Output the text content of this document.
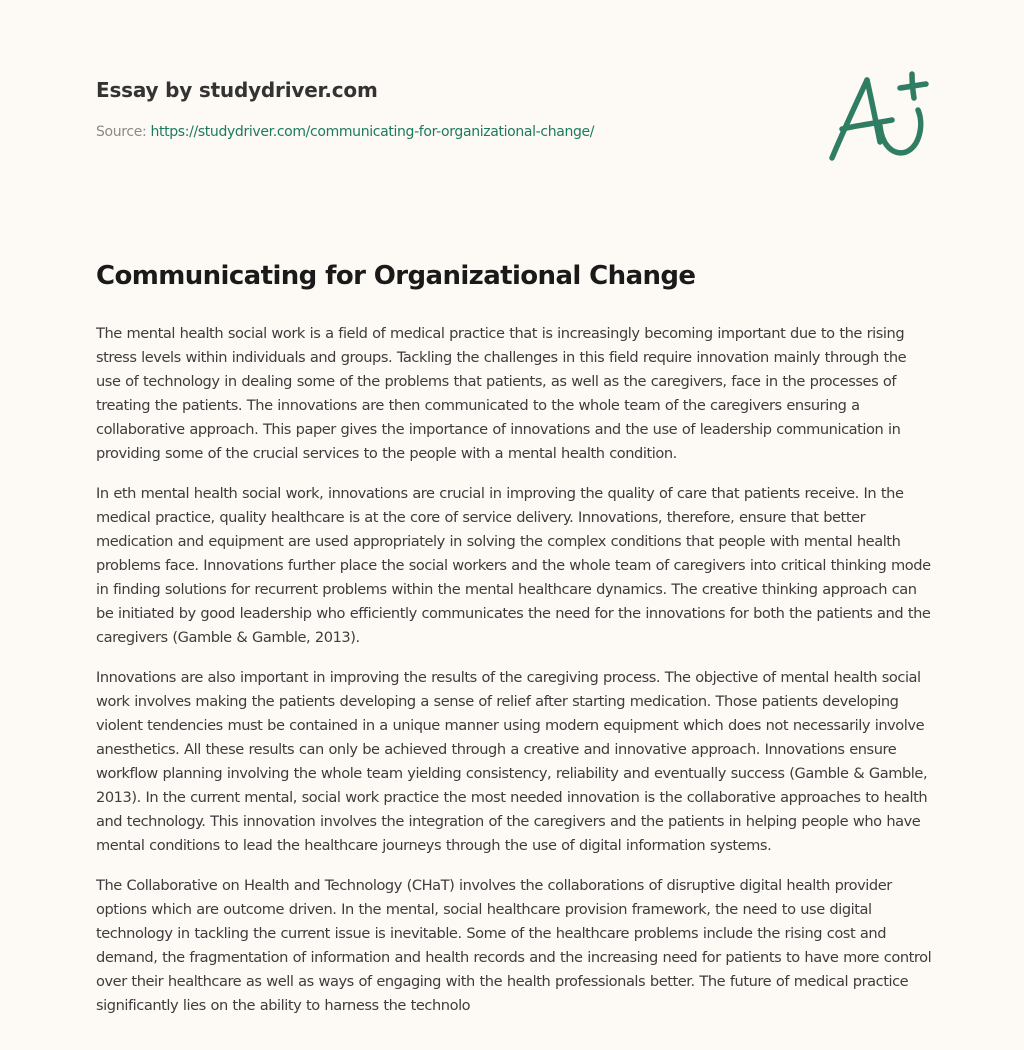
Essay by studydriver.com
Source: https://studydriver.com/communicating-for-organizational-change/
Communicating for Organizational Change

The mental health social work is a field of medical practice that is increasingly becoming important due to the rising stress levels within individuals and groups. Tackling the challenges in this field require innovation mainly through the use of technology in dealing some of the problems that patients, as well as the caregivers, face in the processes of treating the patients. The innovations are then communicated to the whole team of the caregivers ensuring a collaborative approach. This paper gives the importance of innovations and the use of leadership communication in providing some of the crucial services to the people with a mental health condition.

In eth mental health social work, innovations are crucial in improving the quality of care that patients receive. In the medical practice, quality healthcare is at the core of service delivery. Innovations, therefore, ensure that better medication and equipment are used appropriately in solving the complex conditions that people with mental health problems face. Innovations further place the social workers and the whole team of caregivers into critical thinking mode in finding solutions for recurrent problems within the mental healthcare dynamics. The creative thinking approach can be initiated by good leadership who efficiently communicates the need for the innovations for both the patients and the caregivers (Gamble & Gamble, 2013).

Innovations are also important in improving the results of the caregiving process. The objective of mental health social work involves making the patients developing a sense of relief after starting medication. Those patients developing violent tendencies must be contained in a unique manner using modern equipment which does not necessarily involve anesthetics. All these results can only be achieved through a creative and innovative approach. Innovations ensure workflow planning involving the whole team yielding consistency, reliability and eventually success (Gamble & Gamble, 2013). In the current mental, social work practice the most needed innovation is the collaborative approaches to health and technology. This innovation involves the integration of the caregivers and the patients in helping people who have mental conditions to lead the healthcare journeys through the use of digital information systems.

The Collaborative on Health and Technology (CHaT) involves the collaborations of disruptive digital health provider options which are outcome driven. In the mental, social healthcare provision framework, the need to use digital technology in tackling the current issue is inevitable. Some of the healthcare problems include the rising cost and demand, the fragmentation of information and health records and the increasing need for patients to have more control over their healthcare as well as ways of engaging with the health professionals better. The future of medical practice significantly lies on the ability to harness the technolo
